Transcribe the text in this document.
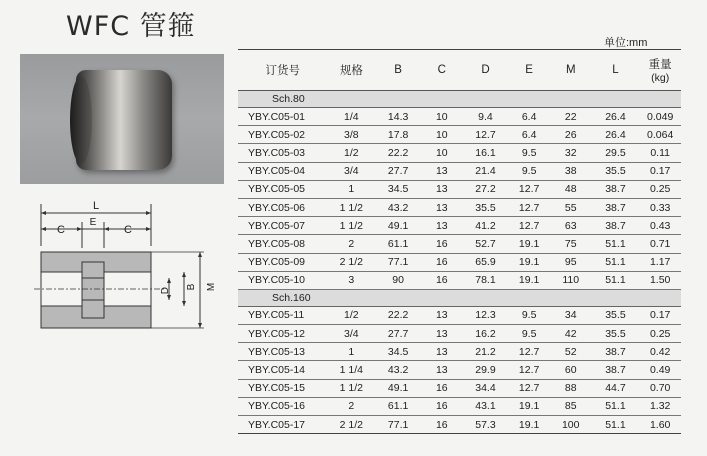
WFC 管箍
单位:mm
L
E
C	C
D B M
订货号	规格	B	C	D	E	M	L	重量
(kg)

Sch.80								
YBY.C05-01	1/4	14.3	10	9.4	6.4	22	26.4	0.049
YBY.C05-02	3/8	17.8	10	12.7	6.4	26	26.4	0.064
YBY.C05-03	1/2	22.2	10	16.1	9.5	32	29.5	0.11
YBY.C05-04	3/4	27.7	13	21.4	9.5	38	35.5	0.17
YBY.C05-05	1	34.5	13	27.2	12.7	48	38.7	0.25
YBY.C05-06	1 1/2	43.2	13	35.5	12.7	55	38.7	0.33
YBY.C05-07	1 1/2	49.1	13	41.2	12.7	63	38.7	0.43
YBY.C05-08	2	61.1	16	52.7	19.1	75	51.1	0.71
YBY.C05-09	2 1/2	77.1	16	65.9	19.1	95	51.1	1.17
YBY.C05-10	3	90	16	78.1	19.1	110	51.1	1.50
Sch.160								
YBY.C05-11	1/2	22.2	13	12.3	9.5	34	35.5	0.17
YBY.C05-12	3/4	27.7	13	16.2	9.5	42	35.5	0.25
YBY.C05-13	1	34.5	13	21.2	12.7	52	38.7	0.42
YBY.C05-14	1 1/4	43.2	13	29.9	12.7	60	38.7	0.49
YBY.C05-15	1 1/2	49.1	16	34.4	12.7	88	44.7	0.70
YBY.C05-16	2	61.1	16	43.1	19.1	85	51.1	1.32
YBY.C05-17	2 1/2	77.1	16	57.3	19.1	100	51.1	1.60
